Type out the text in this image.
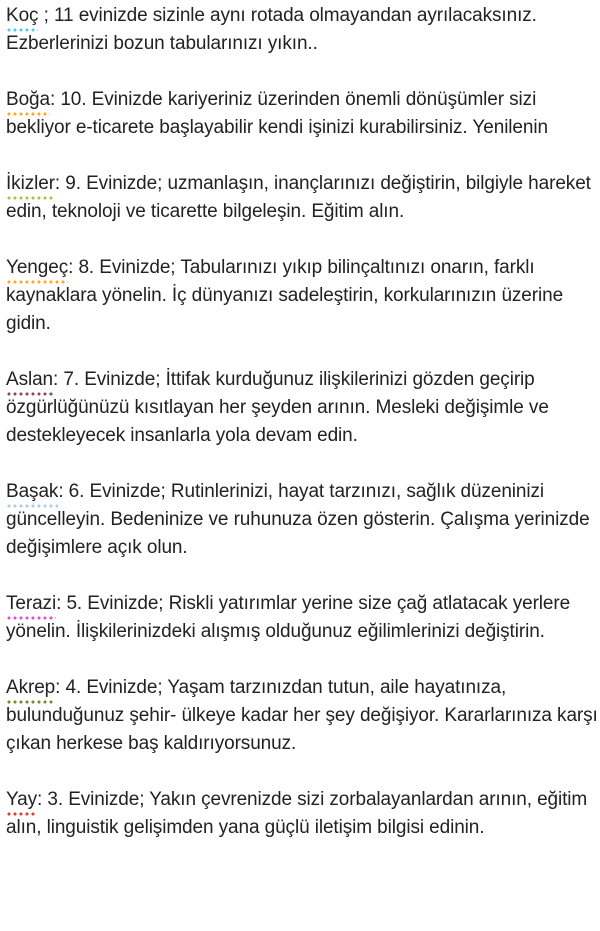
Koç
; 11 evinizde sizinle aynı rotada olmayandan ayrılacaksınız. Ezberlerinizi bozun tabularınızı yıkın..

Boğa
: 10. Evinizde kariyeriniz üzerinden önemli dönüşümler sizi bekliyor e-ticarete başlayabilir kendi işinizi kurabilirsiniz. Yenilenin

İkizler
: 9. Evinizde; uzmanlaşın, inançlarınızı değiştirin, bilgiyle hareket edin, teknoloji ve ticarette bilgeleşin. Eğitim alın.

Yengeç
: 8. Evinizde; Tabularınızı yıkıp bilinçaltınızı onarın, farklı kaynaklara yönelin. İç dünyanızı sadeleştirin, korkularınızın üzerine gidin.

Aslan
: 7. Evinizde; İttifak kurduğunuz ilişkilerinizi gözden geçirip özgürlüğünüzü kısıtlayan her şeyden arının. Mesleki değişimle ve destekleyecek insanlarla yola devam edin.

Başak
: 6. Evinizde; Rutinlerinizi, hayat tarzınızı, sağlık düzeninizi güncelleyin. Bedeninize ve ruhunuza özen gösterin. Çalışma yerinizde değişimlere açık olun.

Terazi
: 5. Evinizde; Riskli yatırımlar yerine size çağ atlatacak yerlere yönelin. İlişkilerinizdeki alışmış olduğunuz eğilimlerinizi değiştirin.

Akrep
: 4. Evinizde; Yaşam tarzınızdan tutun, aile hayatınıza, bulunduğunuz şehir- ülkeye kadar her şey değişiyor. Kararlarınıza karşı çıkan herkese baş kaldırıyorsunuz.

Yay
: 3. Evinizde; Yakın çevrenizde sizi zorbalayanlardan arının, eğitim alın, linguistik gelişimden yana güçlü iletişim bilgisi edinin.
